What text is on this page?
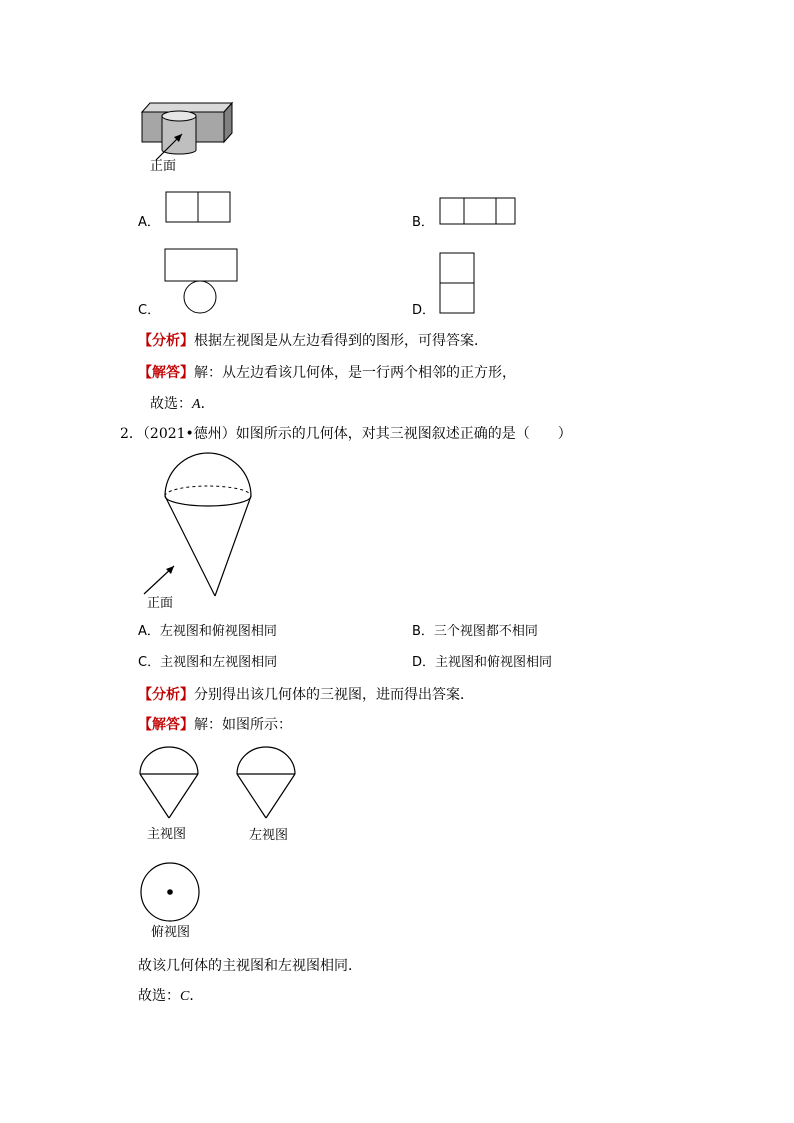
正面
A．	B．
C．	D．
【分析】根据左视图是从左边看得到的图形，可得答案．
【解答】解：从左边看该几何体，是一行两个相邻的正方形，
故选：A．
2．（2021•德州）如图所示的几何体，对其三视图叙述正确的是（　　）
正面
A．左视图和俯视图相同	B．三个视图都不相同
C．主视图和左视图相同	D．主视图和俯视图相同
【分析】分别得出该几何体的三视图，进而得出答案．
【解答】解：如图所示：
主视图	左视图
俯视图
故该几何体的主视图和左视图相同．
故选：C．
